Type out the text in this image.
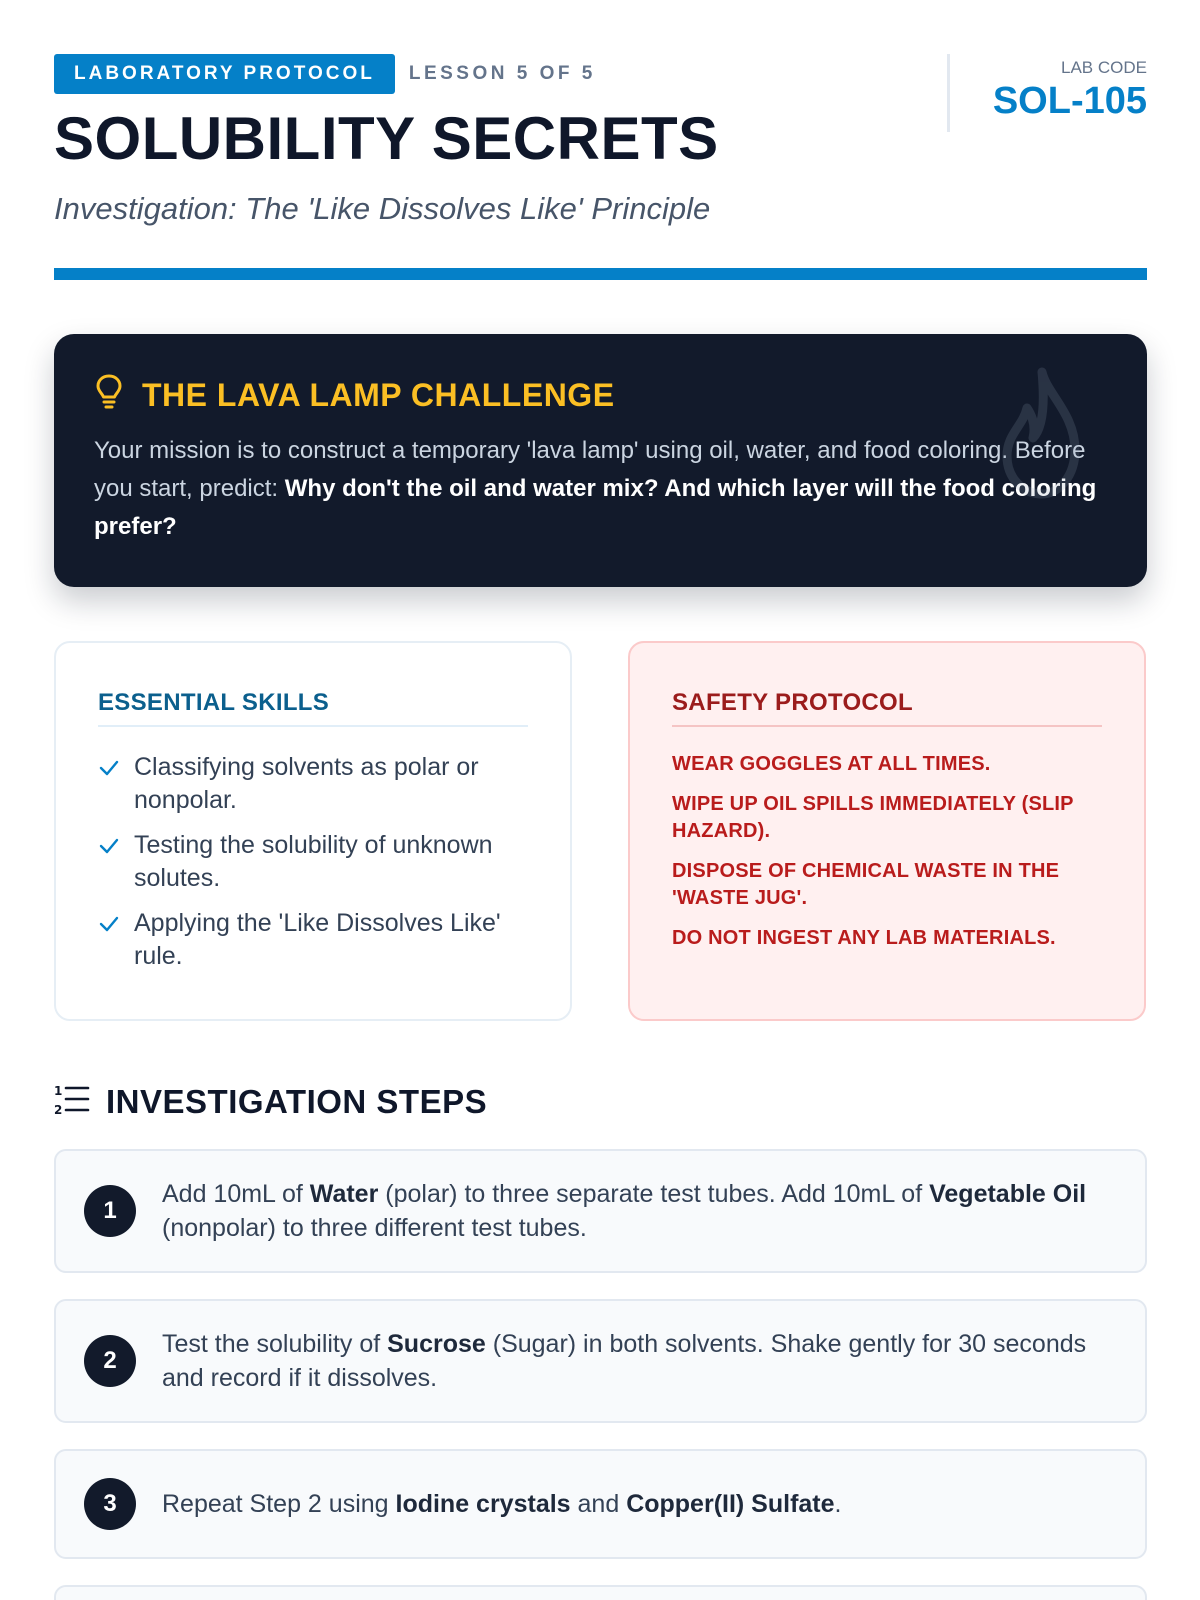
LABORATORY PROTOCOL	LESSON 5 OF 5
SOLUBILITY SECRETS
Investigation: The 'Like Dissolves Like' Principle
LAB CODE
SOL-105
THE LAVA LAMP CHALLENGE

Your mission is to construct a temporary 'lava lamp' using oil, water, and food coloring. Before you start, predict: Why don't the oil and water mix? And which layer will the food coloring prefer?

ESSENTIAL SKILLS
Classifying solvents as polar or nonpolar.
Testing the solubility of unknown solutes.
Applying the 'Like Dissolves Like' rule.
SAFETY PROTOCOL
WEAR GOGGLES AT ALL TIMES.
WIPE UP OIL SPILLS IMMEDIATELY (SLIP HAZARD).
DISPOSE OF CHEMICAL WASTE IN THE 'WASTE JUG'.
DO NOT INGEST ANY LAB MATERIALS.
1
2 INVESTIGATION STEPS
1

Add 10mL of Water (polar) to three separate test tubes. Add 10mL of Vegetable Oil (nonpolar) to three different test tubes.

2

Test the solubility of Sucrose (Sugar) in both solvents. Shake gently for 30 seconds and record if it dissolves.

3	Repeat Step 2 using Iodine crystals and Copper(II) Sulfate.
